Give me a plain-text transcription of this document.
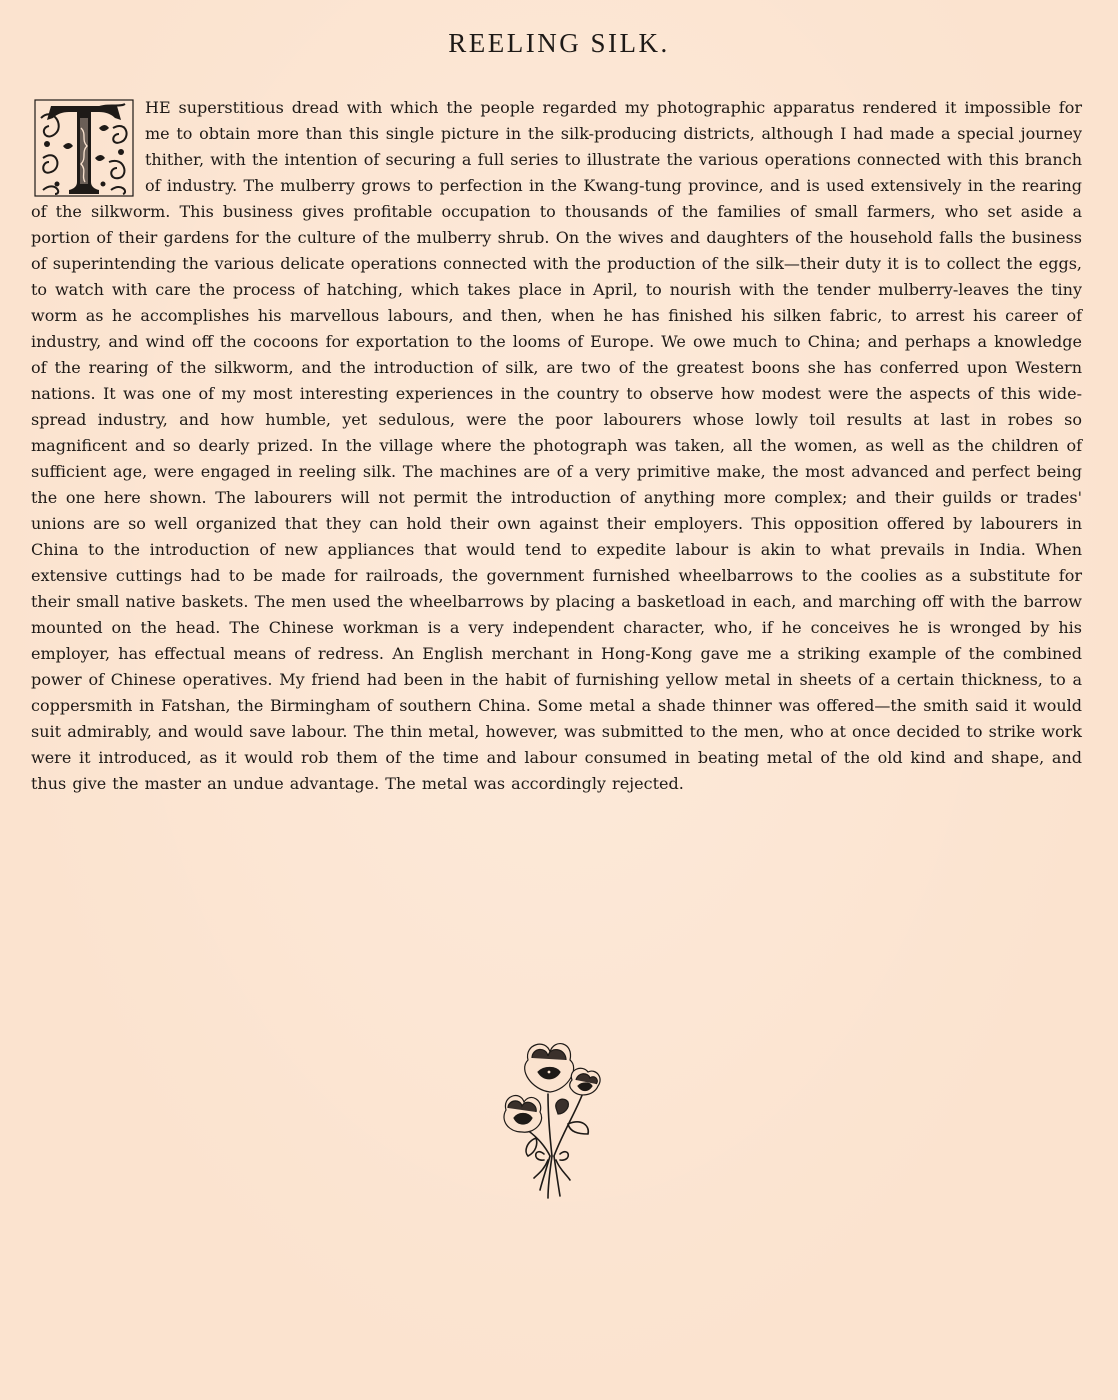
REELING SILK.

HE superstitious dread with which the people regarded my photographic apparatus rendered it impossible for me to obtain more than this single picture in the silk-producing districts, although I had made a special journey thither, with the intention of securing a full series to illustrate the various operations connected with this branch of industry. The mulberry grows to perfection in the Kwang-tung province, and is used extensively in the rearing of the silkworm. This business gives profitable occupation to thousands of the families of small farmers, who set aside a portion of their gardens for the culture of the mulberry shrub. On the wives and daughters of the household falls the business of superintending the various delicate operations connected with the production of the silk—their duty it is to collect the eggs, to watch with care the process of hatching, which takes place in April, to nourish with the tender mulberry-leaves the tiny worm as he accomplishes his marvellous labours, and then, when he has finished his silken fabric, to arrest his career of industry, and wind off the cocoons for exportation to the looms of Europe. We owe much to China; and perhaps a knowledge of the rearing of the silkworm, and the introduction of silk, are two of the greatest boons she has conferred upon Western nations. It was one of my most interesting experiences in the country to observe how modest were the aspects of this wide-spread industry, and how humble, yet sedulous, were the poor labourers whose lowly toil results at last in robes so magnificent and so dearly prized. In the village where the photograph was taken, all the women, as well as the children of sufficient age, were engaged in reeling silk. The machines are of a very primitive make, the most advanced and perfect being the one here shown. The labourers will not permit the introduction of anything more complex; and their guilds or trades' unions are so well organized that they can hold their own against their employers. This opposition offered by labourers in China to the introduction of new appliances that would tend to expedite labour is akin to what prevails in India. When extensive cuttings had to be made for railroads, the government furnished wheelbarrows to the coolies as a substitute for their small native baskets. The men used the wheelbarrows by placing a basketload in each, and marching off with the barrow mounted on the head. The Chinese workman is a very independent character, who, if he conceives he is wronged by his employer, has effectual means of redress. An English merchant in Hong-Kong gave me a striking example of the combined power of Chinese operatives. My friend had been in the habit of furnishing yellow metal in sheets of a certain thickness, to a coppersmith in Fatshan, the Birmingham of southern China. Some metal a shade thinner was offered—the smith said it would suit admirably, and would save labour. The thin metal, however, was submitted to the men, who at once decided to strike work were it introduced, as it would rob them of the time and labour consumed in beating metal of the old kind and shape, and thus give the master an undue advantage. The metal was accordingly rejected.
